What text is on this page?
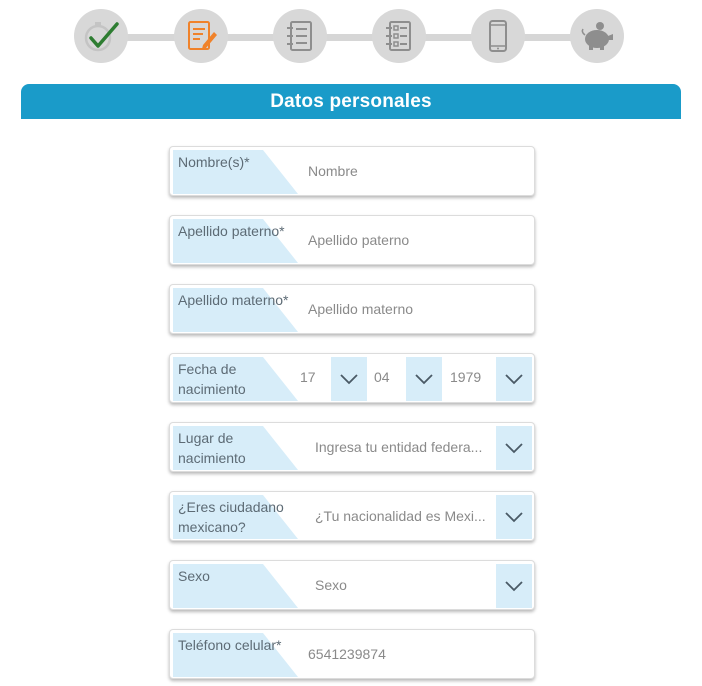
Datos personales
Nombre(s)*
Nombre
Apellido paterno*
Apellido paterno
Apellido materno*
Apellido materno
Fecha de nacimiento
17	04	1979
Lugar de nacimiento
Ingresa tu entidad federa...
¿Eres ciudadano mexicano?
¿Tu nacionalidad es Mexi...
Sexo
Sexo
Teléfono celular*
6541239874
